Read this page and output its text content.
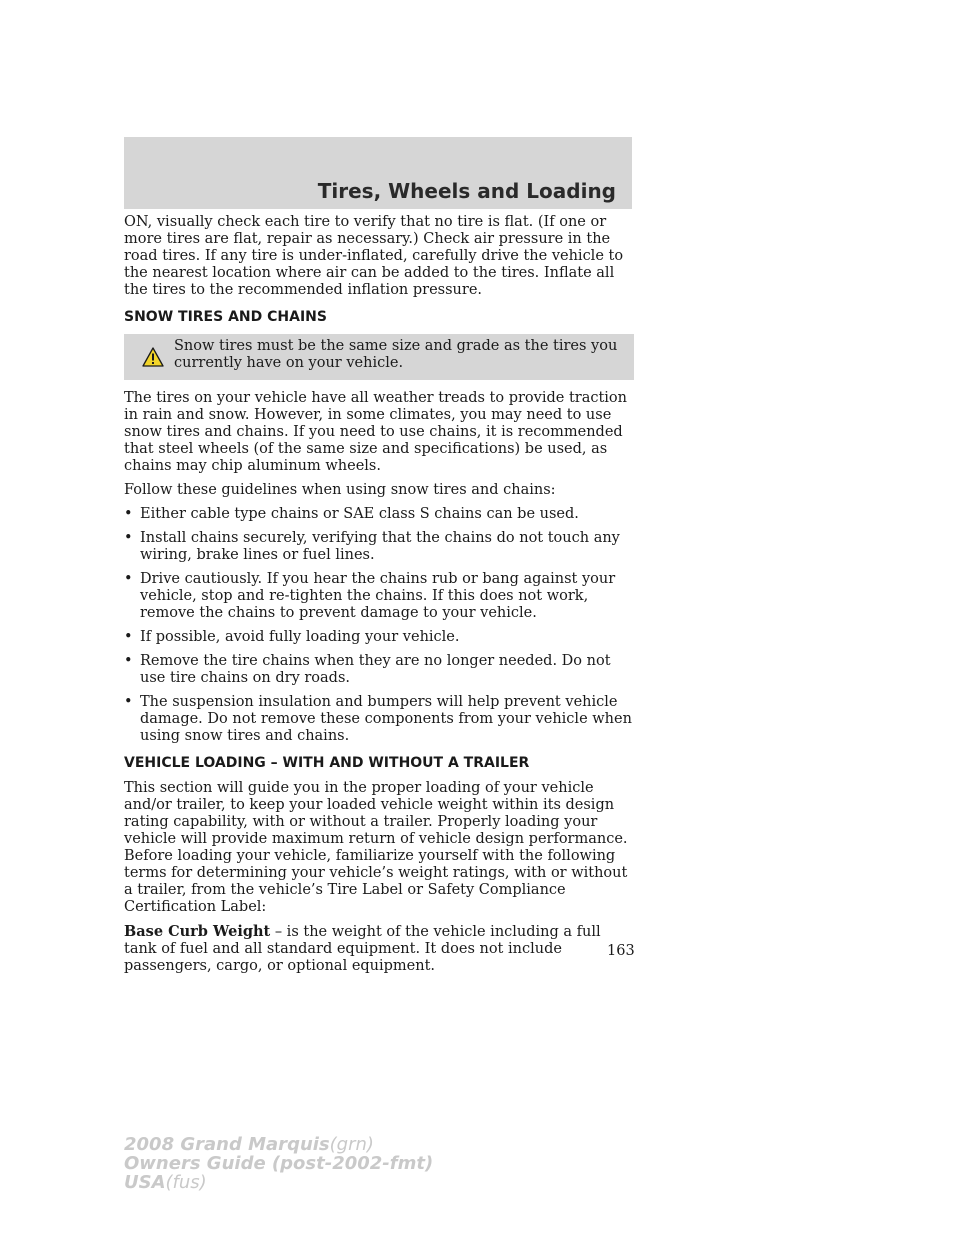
Tires, Wheels and Loading

ON, visually check each tire to verify that no tire is flat. (If one or more tires are flat, repair as necessary.) Check air pressure in the road tires. If any tire is under-inflated, carefully drive the vehicle to the nearest location where air can be added to the tires. Inflate all the tires to the recommended inflation pressure.

SNOW TIRES AND CHAINS
Snow tires must be the same size and grade as the tires you currently have on your vehicle.

The tires on your vehicle have all weather treads to provide traction in rain and snow. However, in some climates, you may need to use snow tires and chains. If you need to use chains, it is recommended that steel wheels (of the same size and specifications) be used, as chains may chip aluminum wheels.

Follow these guidelines when using snow tires and chains:

• Either cable type chains or SAE class S chains can be used.
• Install chains securely, verifying that the chains do not touch any wiring, brake lines or fuel lines.
• Drive cautiously. If you hear the chains rub or bang against your vehicle, stop and re-tighten the chains. If this does not work, remove the chains to prevent damage to your vehicle.
• If possible, avoid fully loading your vehicle.
• Remove the tire chains when they are no longer needed. Do not use tire chains on dry roads.
• The suspension insulation and bumpers will help prevent vehicle damage. Do not remove these components from your vehicle when using snow tires and chains.
VEHICLE LOADING – WITH AND WITHOUT A TRAILER

This section will guide you in the proper loading of your vehicle and/or trailer, to keep your loaded vehicle weight within its design rating capability, with or without a trailer. Properly loading your vehicle will provide maximum return of vehicle design performance. Before loading your vehicle, familiarize yourself with the following terms for determining your vehicle’s weight ratings, with or without a trailer, from the vehicle’s Tire Label or Safety Compliance Certification Label:

Base Curb Weight – is the weight of the vehicle including a full tank of fuel and all standard equipment. It does not include passengers, cargo, or optional equipment.

163
2008 Grand Marquis(grn)
Owners Guide (post-2002-fmt)
USA(fus)
